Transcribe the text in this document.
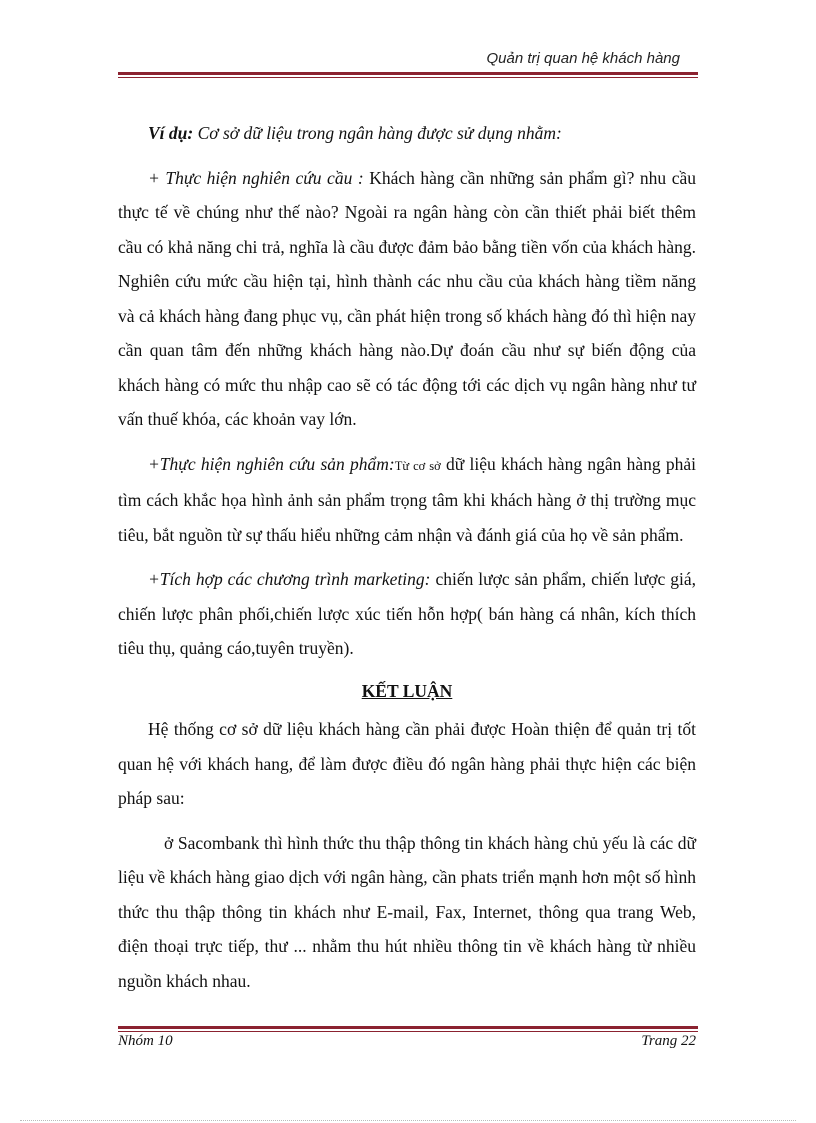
Quản trị quan hệ khách hàng

Ví dụ: Cơ sở dữ liệu trong ngân hàng được sử dụng nhằm:

+ Thực hiện nghiên cứu cầu : Khách hàng cần những sản phẩm gì? nhu cầu thực tế về chúng như thế nào? Ngoài ra ngân hàng còn cần thiết phải biết thêm cầu có khả năng chi trả, nghĩa là cầu được đảm bảo bằng tiền vốn của khách hàng. Nghiên cứu mức cầu hiện tại, hình thành các nhu cầu của khách hàng tiềm năng và cả khách hàng đang phục vụ, cần phát hiện trong số khách hàng đó thì hiện nay cần quan tâm đến những khách hàng nào.Dự đoán cầu như sự biến động của khách hàng có mức thu nhập cao sẽ có tác động tới các dịch vụ ngân hàng như tư vấn thuế khóa, các khoản vay lớn.

+Thực hiện nghiên cứu sản phẩm:Từ cơ sở dữ liệu khách hàng ngân hàng phải tìm cách khắc họa hình ảnh sản phẩm trọng tâm khi khách hàng ở thị trường mục tiêu, bắt nguồn từ sự thấu hiểu những cảm nhận và đánh giá của họ về sản phẩm.

+Tích hợp các chương trình marketing: chiến lược sản phẩm, chiến lược giá, chiến lược phân phối,chiến lược xúc tiến hỗn hợp( bán hàng cá nhân, kích thích tiêu thụ, quảng cáo,tuyên truyền).

KẾT LUẬN

Hệ thống cơ sở dữ liệu khách hàng cần phải được Hoàn thiện để quản trị tốt quan hệ với khách hang, để làm được điều đó ngân hàng phải thực hiện các biện pháp sau:

ở Sacombank thì hình thức thu thập thông tin khách hàng chủ yếu là các dữ liệu về khách hàng giao dịch với ngân hàng, cần phats triển mạnh hơn một số hình thức thu thập thông tin khách như E-mail, Fax, Internet, thông qua trang Web, điện thoại trực tiếp, thư ... nhằm thu hút nhiều thông tin về khách hàng từ nhiều nguồn khách nhau.

Nhóm 10	Trang 22
